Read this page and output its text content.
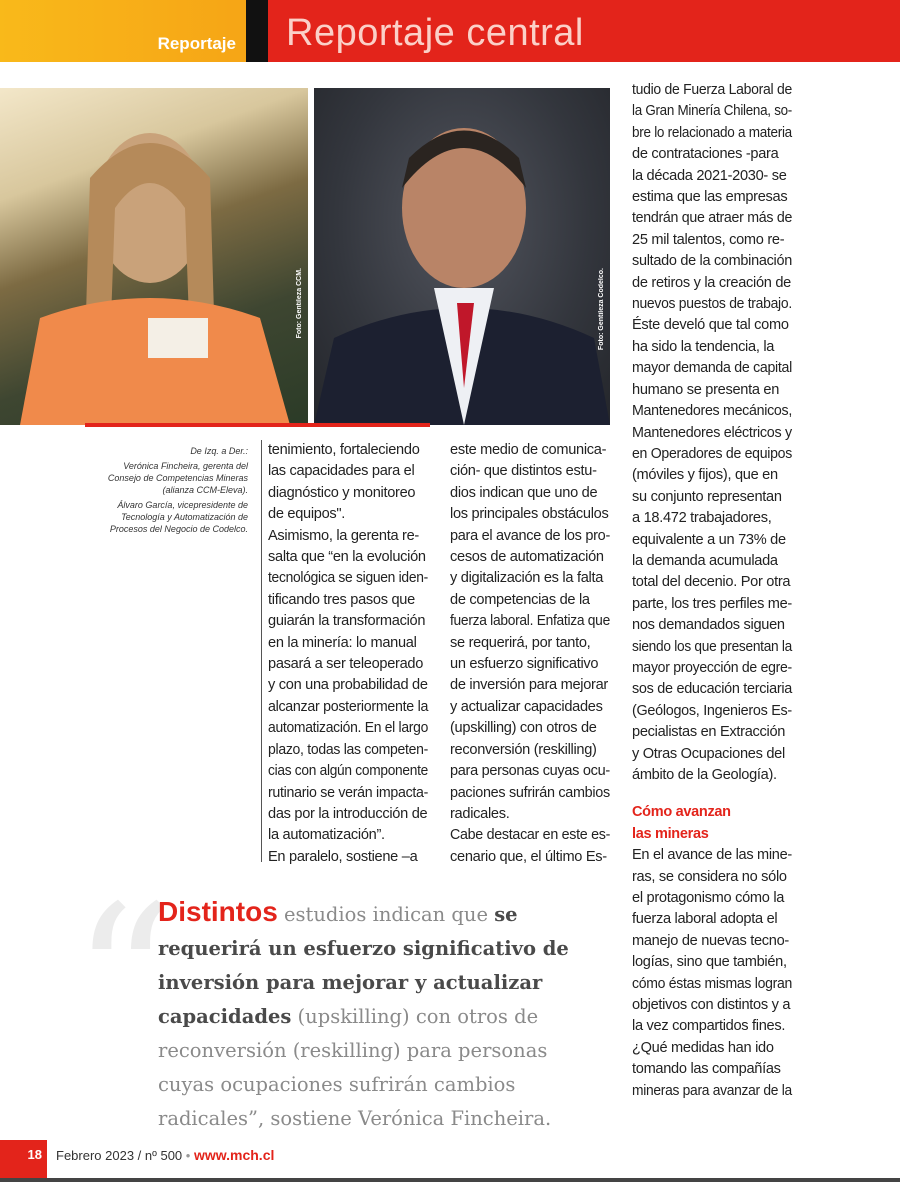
Reportaje Reportaje central
Foto: Gentileza CCM.	Foto: Gentileza Codelco.

De Izq. a Der.:

Verónica Fincheira, gerenta del Consejo de Competencias Mineras (alianza CCM-Eleva).

Álvaro García, vicepresidente de Tecnología y Automatización de Procesos del Negocio de Codelco.

tenimiento, fortaleciendo
las capacidades para el
diagnóstico y monitoreo
de equipos".
Asimismo, la gerenta re-
salta que “en la evolución
tecnológica se siguen iden-
tificando tres pasos que
guiarán la transformación
en la minería: lo manual
pasará a ser teleoperado
y con una probabilidad de
alcanzar posteriormente la
automatización. En el largo
plazo, todas las competen-
cias con algún componente
rutinario se verán impacta-
das por la introducción de
la automatización”.
En paralelo, sostiene –a
este medio de comunica-
ción- que distintos estu-
dios indican que uno de
los principales obstáculos
para el avance de los pro-
cesos de automatización
y digitalización es la falta
de competencias de la
fuerza laboral. Enfatiza que
se requerirá, por tanto,
un esfuerzo significativo
de inversión para mejorar
y actualizar capacidades
(upskilling) con otros de
reconversión (reskilling)
para personas cuyas ocu-
paciones sufrirán cambios
radicales.
Cabe destacar en este es-
cenario que, el último Es-
tudio de Fuerza Laboral de
la Gran Minería Chilena, so-
bre lo relacionado a materia
de contrataciones -para
la década 2021-2030- se
estima que las empresas
tendrán que atraer más de
25 mil talentos, como re-
sultado de la combinación
de retiros y la creación de
nuevos puestos de trabajo.
Éste develó que tal como
ha sido la tendencia, la
mayor demanda de capital
humano se presenta en
Mantenedores mecánicos,
Mantenedores eléctricos y
en Operadores de equipos
(móviles y fijos), que en
su conjunto representan
a 18.472 trabajadores,
equivalente a un 73% de
la demanda acumulada
total del decenio. Por otra
parte, los tres perfiles me-
nos demandados siguen
siendo los que presentan la
mayor proyección de egre-
sos de educación terciaria
(Geólogos, Ingenieros Es-
pecialistas en Extracción
y Otras Ocupaciones del
ámbito de la Geología).
Cómo avanzan
las mineras
En el avance de las mine-
ras, se considera no sólo
el protagonismo cómo la
fuerza laboral adopta el
manejo de nuevas tecno-
logías, sino que también,
cómo éstas mismas logran
objetivos con distintos y a
la vez compartidos fines.
¿Qué medidas han ido
tomando las compañías
mineras para avanzar de la
“
Distintos estudios indican que se requerirá un esfuerzo significativo de inversión para mejorar y actualizar capacidades (upskilling) con otros de reconversión (reskilling) para personas cuyas ocupaciones sufrirán cambios radicales”, sostiene Verónica Fincheira.
18	Febrero 2023 / nº 500 • www.mch.cl
